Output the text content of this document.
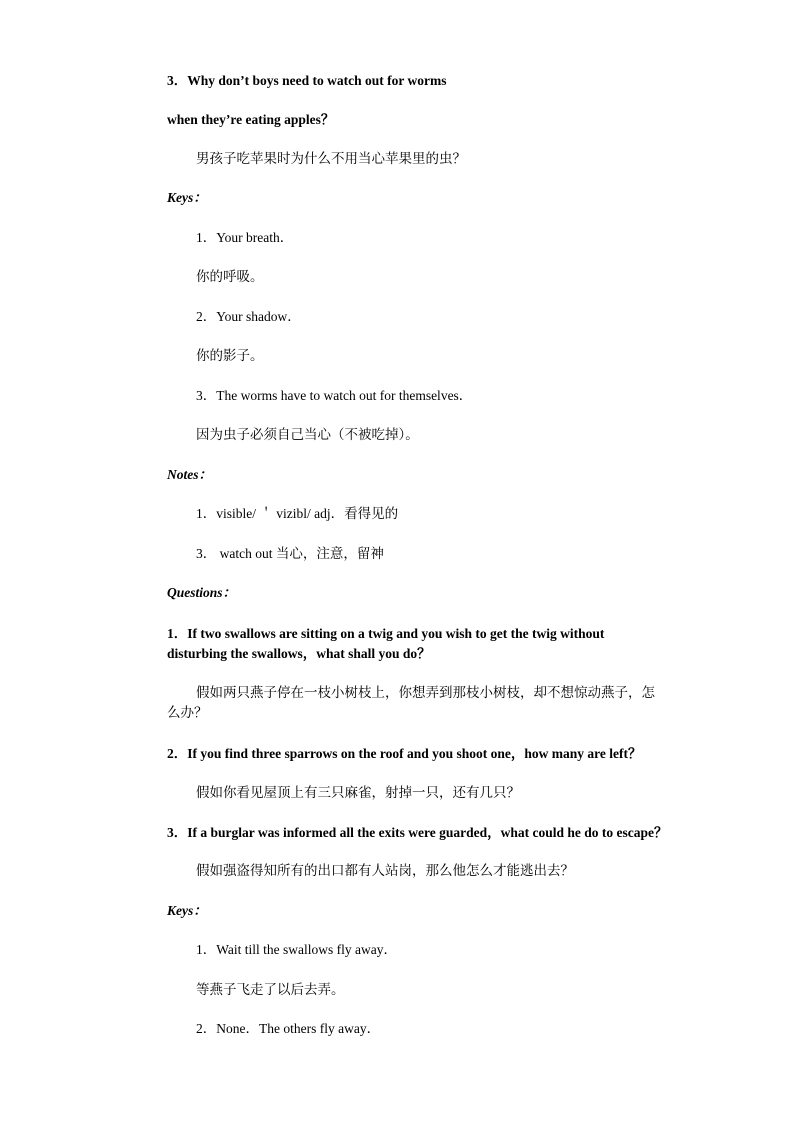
3．Why don’t boys need to watch out for worms
when they’re eating apples？
男孩子吃苹果时为什么不用当心苹果里的虫？
Keys：
1．Your breath．
你的呼吸。
2．Your shadow．
你的影子。
3．The worms have to watch out for themselves．
因为虫子必须自己当心（不被吃掉）。
Notes：
1．visible/ ＇ vizibl/ adj．看得见的
3． watch out 当心，注意，留神
Questions：
1．If two swallows are sitting on a twig and you wish to get the twig without
disturbing the swallows，what shall you do？
假如两只燕子停在一枝小树枝上，你想弄到那枝小树枝，却不想惊动燕子，怎
么办？
2．If you find three sparrows on the roof and you shoot one，how many are left？
假如你看见屋顶上有三只麻雀，射掉一只，还有几只？
3．If a burglar was informed all the exits were guarded，what could he do to escape？
假如强盗得知所有的出口都有人站岗，那么他怎么才能逃出去？
Keys：
1．Wait till the swallows fly away．
等燕子飞走了以后去弄。
2．None．The others fly away．
